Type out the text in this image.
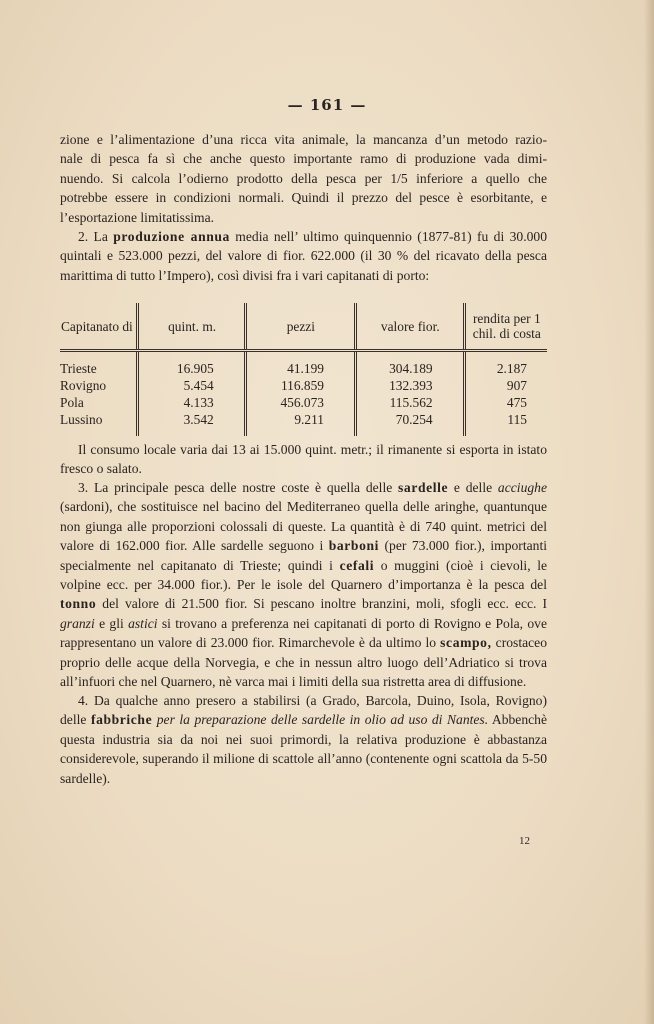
— 161 —

zione e l’alimentazione d’una ricca vita animale, la mancanza d’un metodo razio-

nale di pesca fa sì che anche questo importante ramo di produzione vada dimi-

nuendo. Si calcola l’odierno prodotto della pesca per 1/5 inferiore a quello che

potrebbe essere in condizioni normali. Quindi il prezzo del pesce è esorbitante, e

l’esportazione limitatissima.

2. La produzione annua media nell’ ultimo quinquennio (1877-81) fu di 30.000 quintali e 523.000 pezzi, del valore di fior. 622.000 (il 30 % del ricavato della pesca marittima di tutto l’Impero), così divisi fra i vari capitanati di porto:

Capitanato di	quint. m.	pezzi	valore fior.	rendita per 1 chil. di costa

Trieste	16.905	41.199	304.189	2.187
Rovigno	5.454	116.859	132.393	907
Pola	4.133	456.073	115.562	475
Lussino	3.542	9.211	70.254	115

Il consumo locale varia dai 13 ai 15.000 quint. metr.; il rimanente si esporta in istato fresco o salato.

3. La principale pesca delle nostre coste è quella delle sardelle e delle acciughe (sardoni), che sostituisce nel bacino del Mediterraneo quella delle aringhe, quantunque non giunga alle proporzioni colossali di queste. La quantità è di 740 quint. metrici del valore di 162.000 fior. Alle sardelle seguono i barboni (per 73.000 fior.), importanti specialmente nel capitanato di Trieste; quindi i cefali o muggini (cioè i cievoli, le volpine ecc. per 34.000 fior.). Per le isole del Quarnero d’importanza è la pesca del tonno del valore di 21.500 fior. Si pescano inoltre branzini, moli, sfogli ecc. ecc. I granzi e gli astici si trovano a preferenza nei capitanati di porto di Rovigno e Pola, ove rappresentano un valore di 23.000 fior. Rimarchevole è da ultimo lo scampo, crostaceo proprio delle acque della Norvegia, e che in nessun altro luogo dell’Adriatico si trova all’infuori che nel Quarnero, nè varca mai i limiti della sua ristretta area di diffusione.

4. Da qualche anno presero a stabilirsi (a Grado, Barcola, Duino, Isola, Rovigno) delle fabbriche per la preparazione delle sardelle in olio ad uso di Nantes. Abbenchè questa industria sia da noi nei suoi primordi, la relativa produzione è abbastanza considerevole, superando il milione di scattole all’anno (contenente ogni scattola da 5-50 sardelle).

12
